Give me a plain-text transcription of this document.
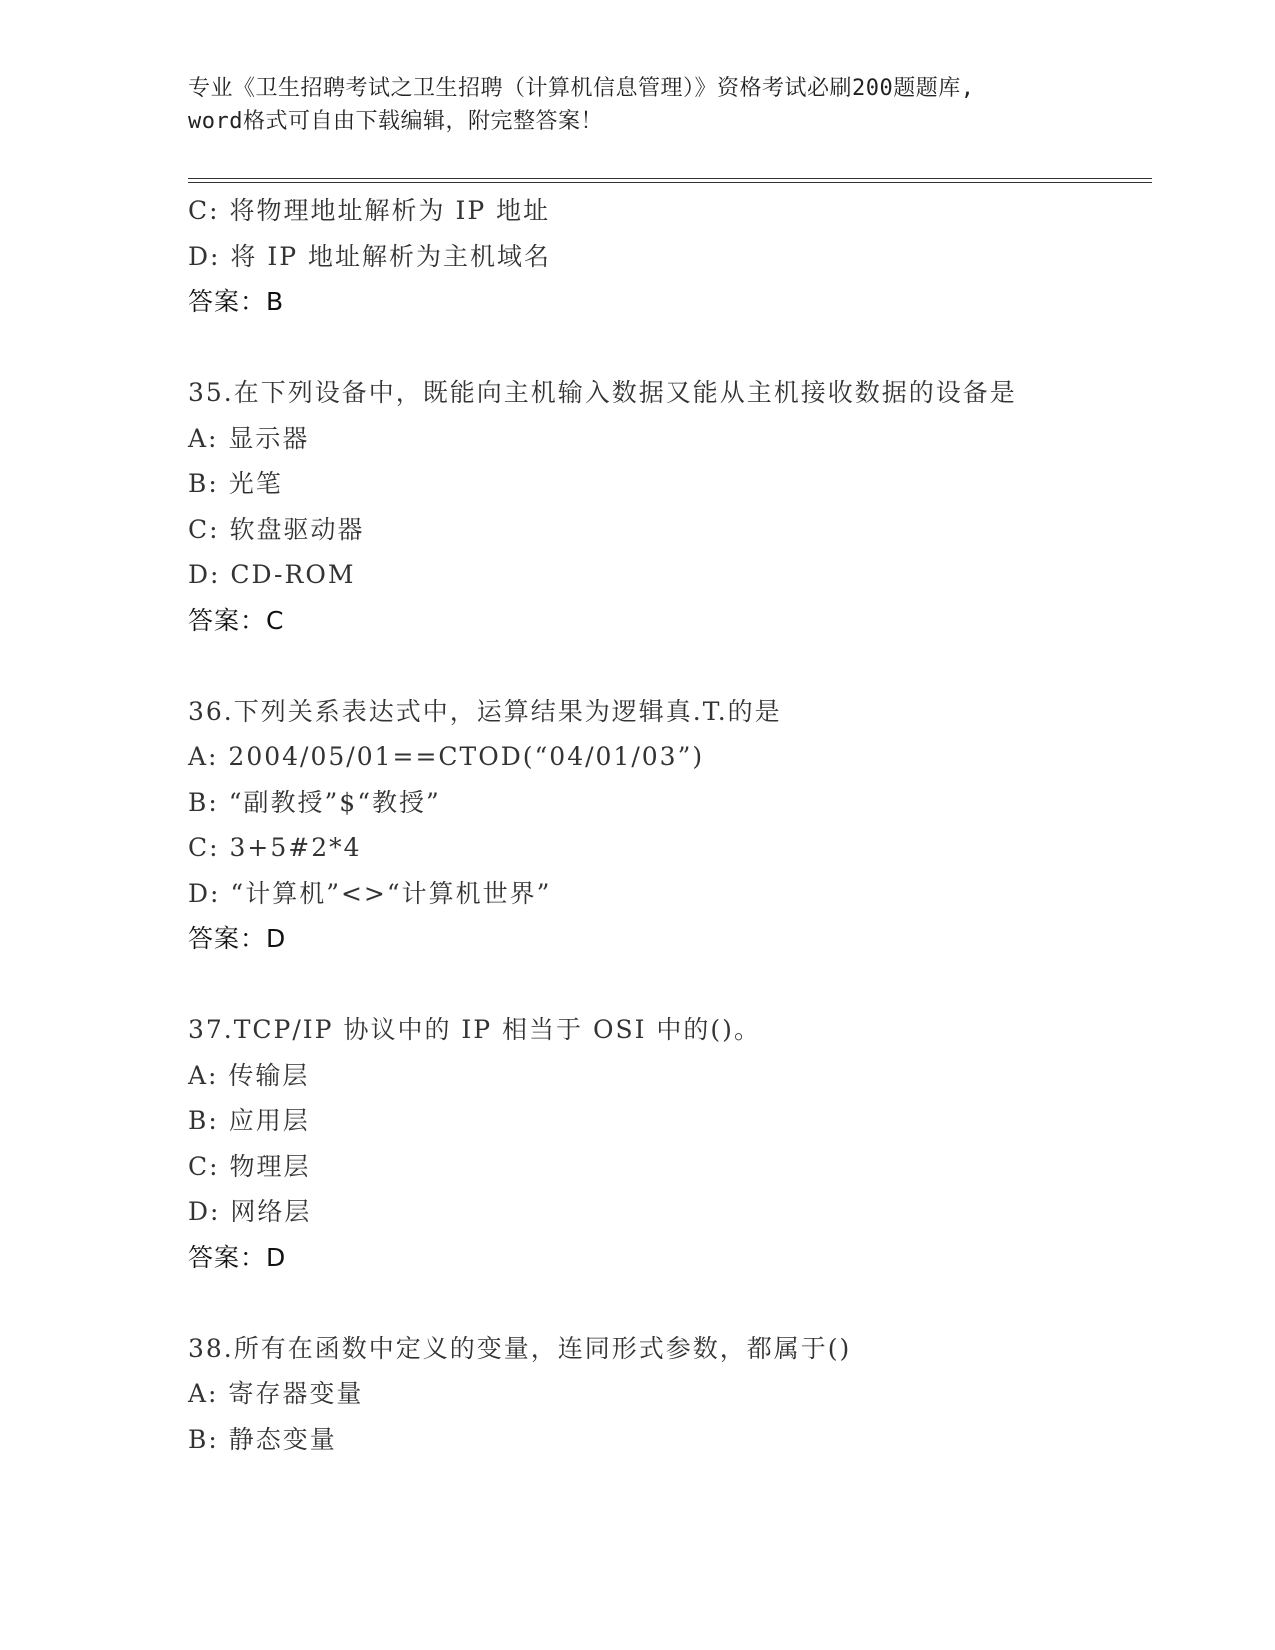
专业《卫生招聘考试之卫生招聘（计算机信息管理）》资格考试必刷200题题库,
word格式可自由下载编辑，附完整答案！
C: 将物理地址解析为 IP 地址
D: 将 IP 地址解析为主机域名
答案：B
35.在下列设备中，既能向主机输入数据又能从主机接收数据的设备是
A: 显示器
B: 光笔
C: 软盘驱动器
D: CD-ROM
答案：C
36.下列关系表达式中，运算结果为逻辑真.T.的是
A: 2004/05/01==CTOD(“04/01/03”)
B: “副教授”$“教授”
C: 3+5#2*4
D: “计算机”<>“计算机世界”
答案：D
37.TCP/IP 协议中的 IP 相当于 OSI 中的()。
A: 传输层
B: 应用层
C: 物理层
D: 网络层
答案：D
38.所有在函数中定义的变量，连同形式参数，都属于()
A: 寄存器变量
B: 静态变量
